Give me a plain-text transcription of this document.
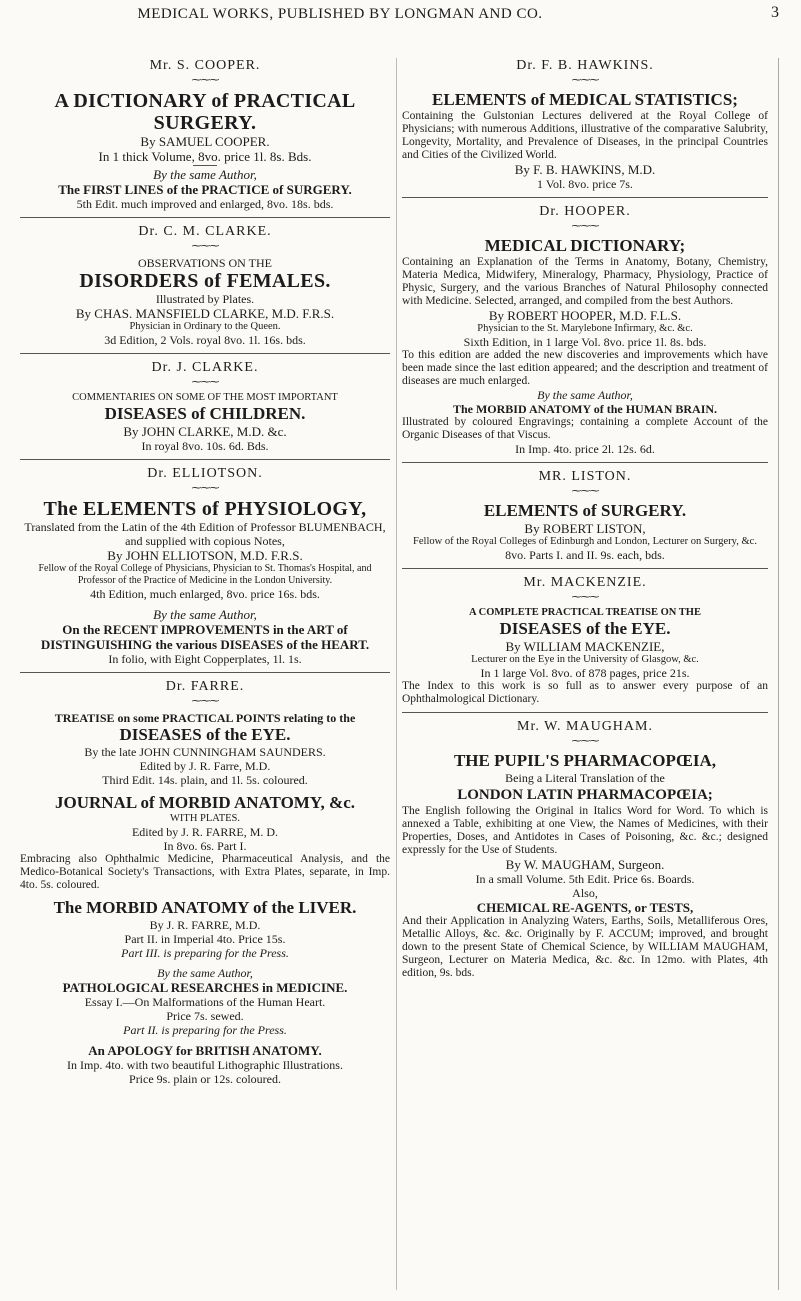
MEDICAL WORKS, PUBLISHED BY LONGMAN AND CO.	3
Mr. S. COOPER.
⁓⁓⁓
A DICTIONARY of PRACTICAL SURGERY.
By SAMUEL COOPER.
In 1 thick Volume, 8vo. price 1l. 8s. Bds.
By the same Author,
The FIRST LINES of the PRACTICE of SURGERY.
5th Edit. much improved and enlarged, 8vo. 18s. bds.
Dr. C. M. CLARKE.
⁓⁓⁓
OBSERVATIONS ON THE
DISORDERS of FEMALES.
Illustrated by Plates.
By CHAS. MANSFIELD CLARKE, M.D. F.R.S.
Physician in Ordinary to the Queen.
3d Edition, 2 Vols. royal 8vo. 1l. 16s. bds.
Dr. J. CLARKE.
⁓⁓⁓
COMMENTARIES ON SOME OF THE MOST IMPORTANT
DISEASES of CHILDREN.
By JOHN CLARKE, M.D. &c.
In royal 8vo. 10s. 6d. Bds.
Dr. ELLIOTSON.
⁓⁓⁓
The ELEMENTS of PHYSIOLOGY,
Translated from the Latin of the 4th Edition of Professor BLUMENBACH, and supplied with copious Notes,
By JOHN ELLIOTSON, M.D. F.R.S.
Fellow of the Royal College of Physicians, Physician to St. Thomas's Hospital, and Professor of the Practice of Medicine in the London University.
4th Edition, much enlarged, 8vo. price 16s. bds.
By the same Author,
On the RECENT IMPROVEMENTS in the ART of DISTINGUISHING the various DISEASES of the HEART.
In folio, with Eight Copperplates, 1l. 1s.
Dr. FARRE.
⁓⁓⁓
TREATISE on some PRACTICAL POINTS relating to the
DISEASES of the EYE.
By the late JOHN CUNNINGHAM SAUNDERS.
Edited by J. R. Farre, M.D.
Third Edit. 14s. plain, and 1l. 5s. coloured.
JOURNAL of MORBID ANATOMY, &c.
WITH PLATES.
Edited by J. R. FARRE, M. D.
In 8vo. 6s. Part I.
Embracing also Ophthalmic Medicine, Pharmaceutical Analysis, and the Medico-Botanical Society's Transactions, with Extra Plates, separate, in Imp. 4to. 5s. coloured.
The MORBID ANATOMY of the LIVER.
By J. R. FARRE, M.D.
Part II. in Imperial 4to. Price 15s.
Part III. is preparing for the Press.
By the same Author,
PATHOLOGICAL RESEARCHES in MEDICINE.
Essay I.—On Malformations of the Human Heart.
Price 7s. sewed.
Part II. is preparing for the Press.
An APOLOGY for BRITISH ANATOMY.
In Imp. 4to. with two beautiful Lithographic Illustrations.
Price 9s. plain or 12s. coloured.
Dr. F. B. HAWKINS.
⁓⁓⁓
ELEMENTS of MEDICAL STATISTICS;
Containing the Gulstonian Lectures delivered at the Royal College of Physicians; with numerous Additions, illustrative of the comparative Salubrity, Longevity, Mortality, and Prevalence of Diseases, in the principal Countries and Cities of the Civilized World.
By F. B. HAWKINS, M.D.
1 Vol. 8vo. price 7s.
Dr. HOOPER.
⁓⁓⁓
MEDICAL DICTIONARY;
Containing an Explanation of the Terms in Anatomy, Botany, Chemistry, Materia Medica, Midwifery, Mineralogy, Pharmacy, Physiology, Practice of Physic, Surgery, and the various Branches of Natural Philosophy connected with Medicine. Selected, arranged, and compiled from the best Authors.
By ROBERT HOOPER, M.D. F.L.S.
Physician to the St. Marylebone Infirmary, &c. &c.
Sixth Edition, in 1 large Vol. 8vo. price 1l. 8s. bds.
To this edition are added the new discoveries and improvements which have been made since the last edition appeared; and the description and treatment of diseases are much enlarged.
By the same Author,
The MORBID ANATOMY of the HUMAN BRAIN.
Illustrated by coloured Engravings; containing a complete Account of the Organic Diseases of that Viscus.
In Imp. 4to. price 2l. 12s. 6d.
MR. LISTON.
⁓⁓⁓
ELEMENTS of SURGERY.
By ROBERT LISTON,
Fellow of the Royal Colleges of Edinburgh and London, Lecturer on Surgery, &c.
8vo. Parts I. and II. 9s. each, bds.
Mr. MACKENZIE.
⁓⁓⁓
A COMPLETE PRACTICAL TREATISE ON THE
DISEASES of the EYE.
By WILLIAM MACKENZIE,
Lecturer on the Eye in the University of Glasgow, &c.
In 1 large Vol. 8vo. of 878 pages, price 21s.
The Index to this work is so full as to answer every purpose of an Ophthalmological Dictionary.
Mr. W. MAUGHAM.
⁓⁓⁓
THE PUPIL'S PHARMACOPŒIA,
Being a Literal Translation of the
LONDON LATIN PHARMACOPŒIA;
The English following the Original in Italics Word for Word. To which is annexed a Table, exhibiting at one View, the Names of Medicines, with their Properties, Doses, and Antidotes in Cases of Poisoning, &c. &c.; designed expressly for the Use of Students.
By W. MAUGHAM, Surgeon.
In a small Volume. 5th Edit. Price 6s. Boards.
Also,
CHEMICAL RE-AGENTS, or TESTS,
And their Application in Analyzing Waters, Earths, Soils, Metalliferous Ores, Metallic Alloys, &c. &c. Originally by F. ACCUM; improved, and brought down to the present State of Chemical Science, by WILLIAM MAUGHAM, Surgeon, Lecturer on Materia Medica, &c. &c. In 12mo. with Plates, 4th edition, 9s. bds.
